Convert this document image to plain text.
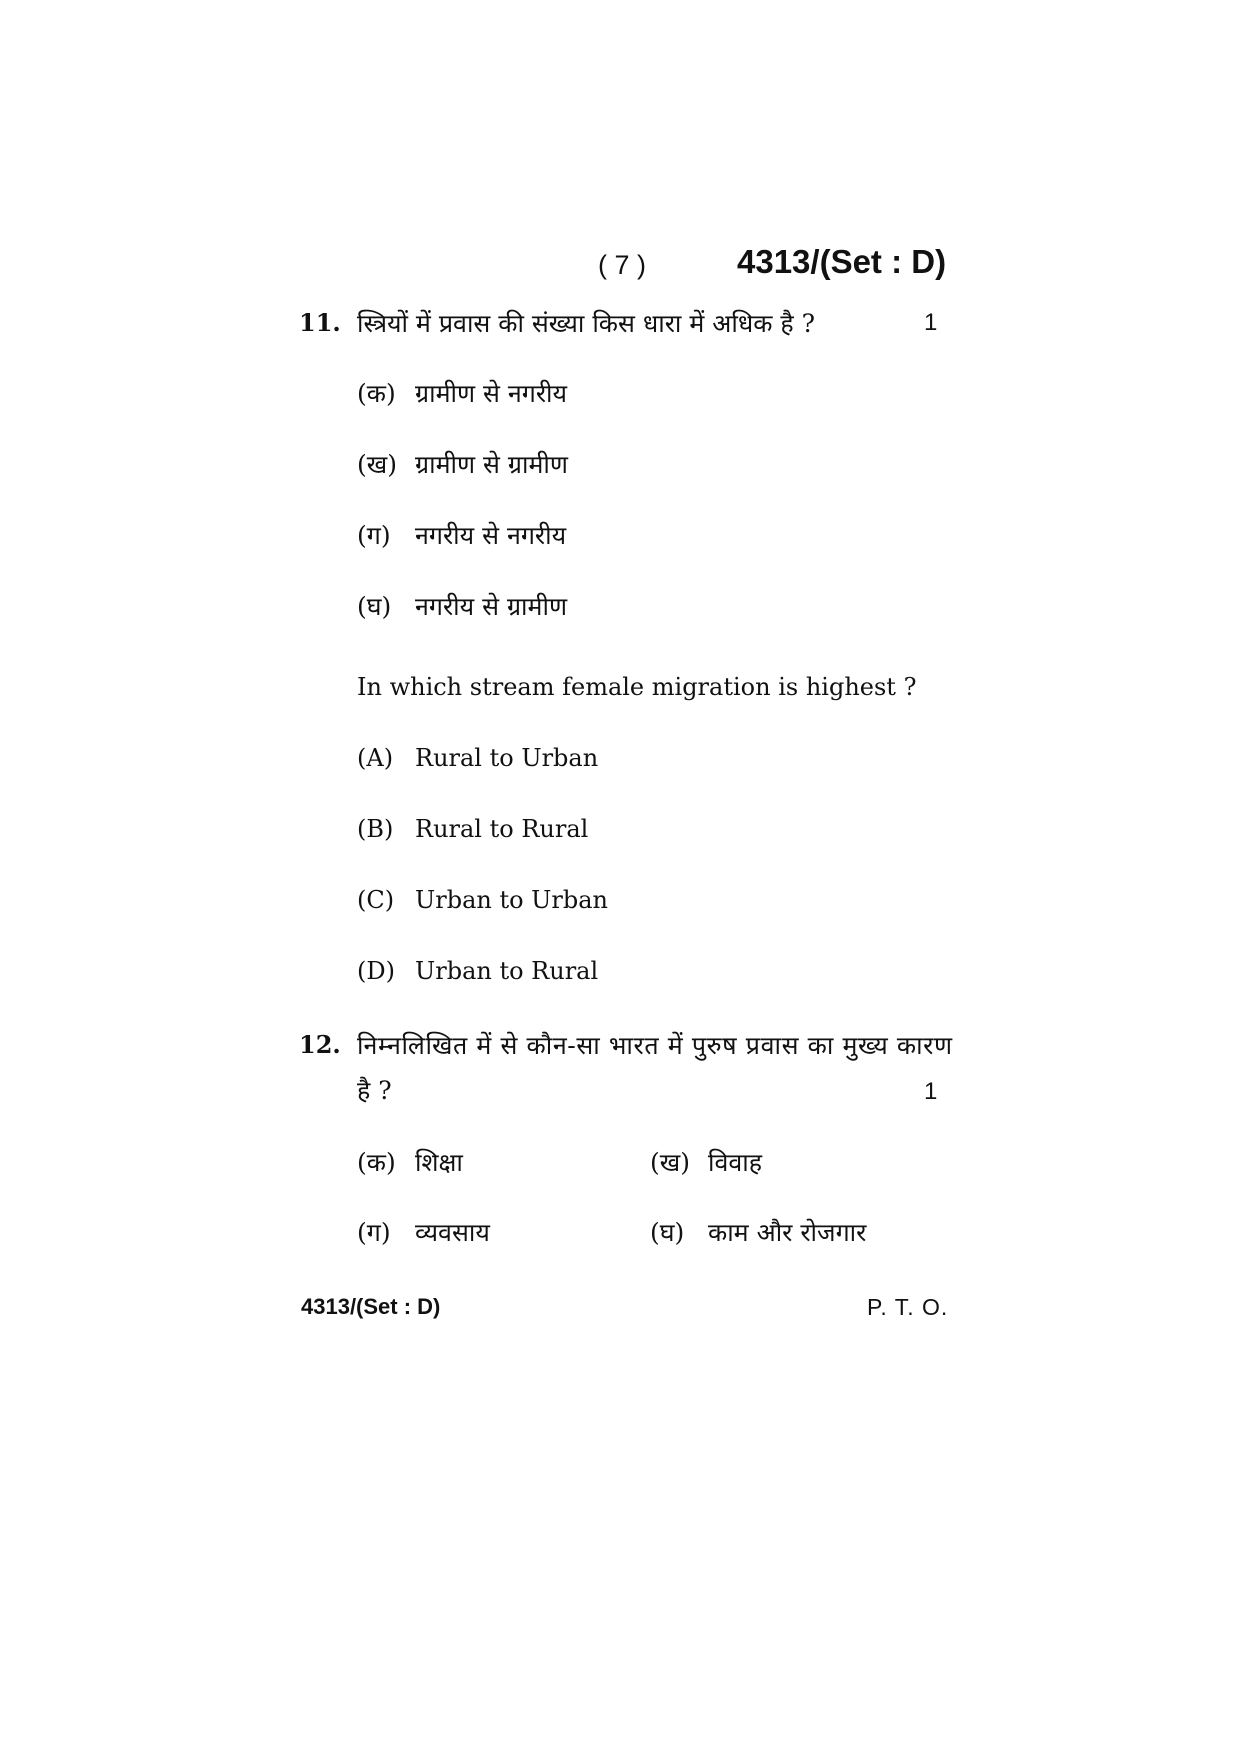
( 7 )	4313/(Set : D)
11. स्त्रियों में प्रवास की संख्या किस धारा में अधिक है ?	1
(क) ग्रामीण से नगरीय
(ख) ग्रामीण से ग्रामीण
(ग) नगरीय से नगरीय
(घ) नगरीय से ग्रामीण
In which stream female migration is highest ?
(A) Rural to Urban
(B) Rural to Rural
(C) Urban to Urban
(D) Urban to Rural
12. निम्नलिखित में से कौन-सा भारत में पुरुष प्रवास का मुख्य कारण
है ?	1
(क) शिक्षा	(ख) विवाह
(ग) व्यवसाय	(घ) काम और रोजगार
4313/(Set : D)	P. T. O.
